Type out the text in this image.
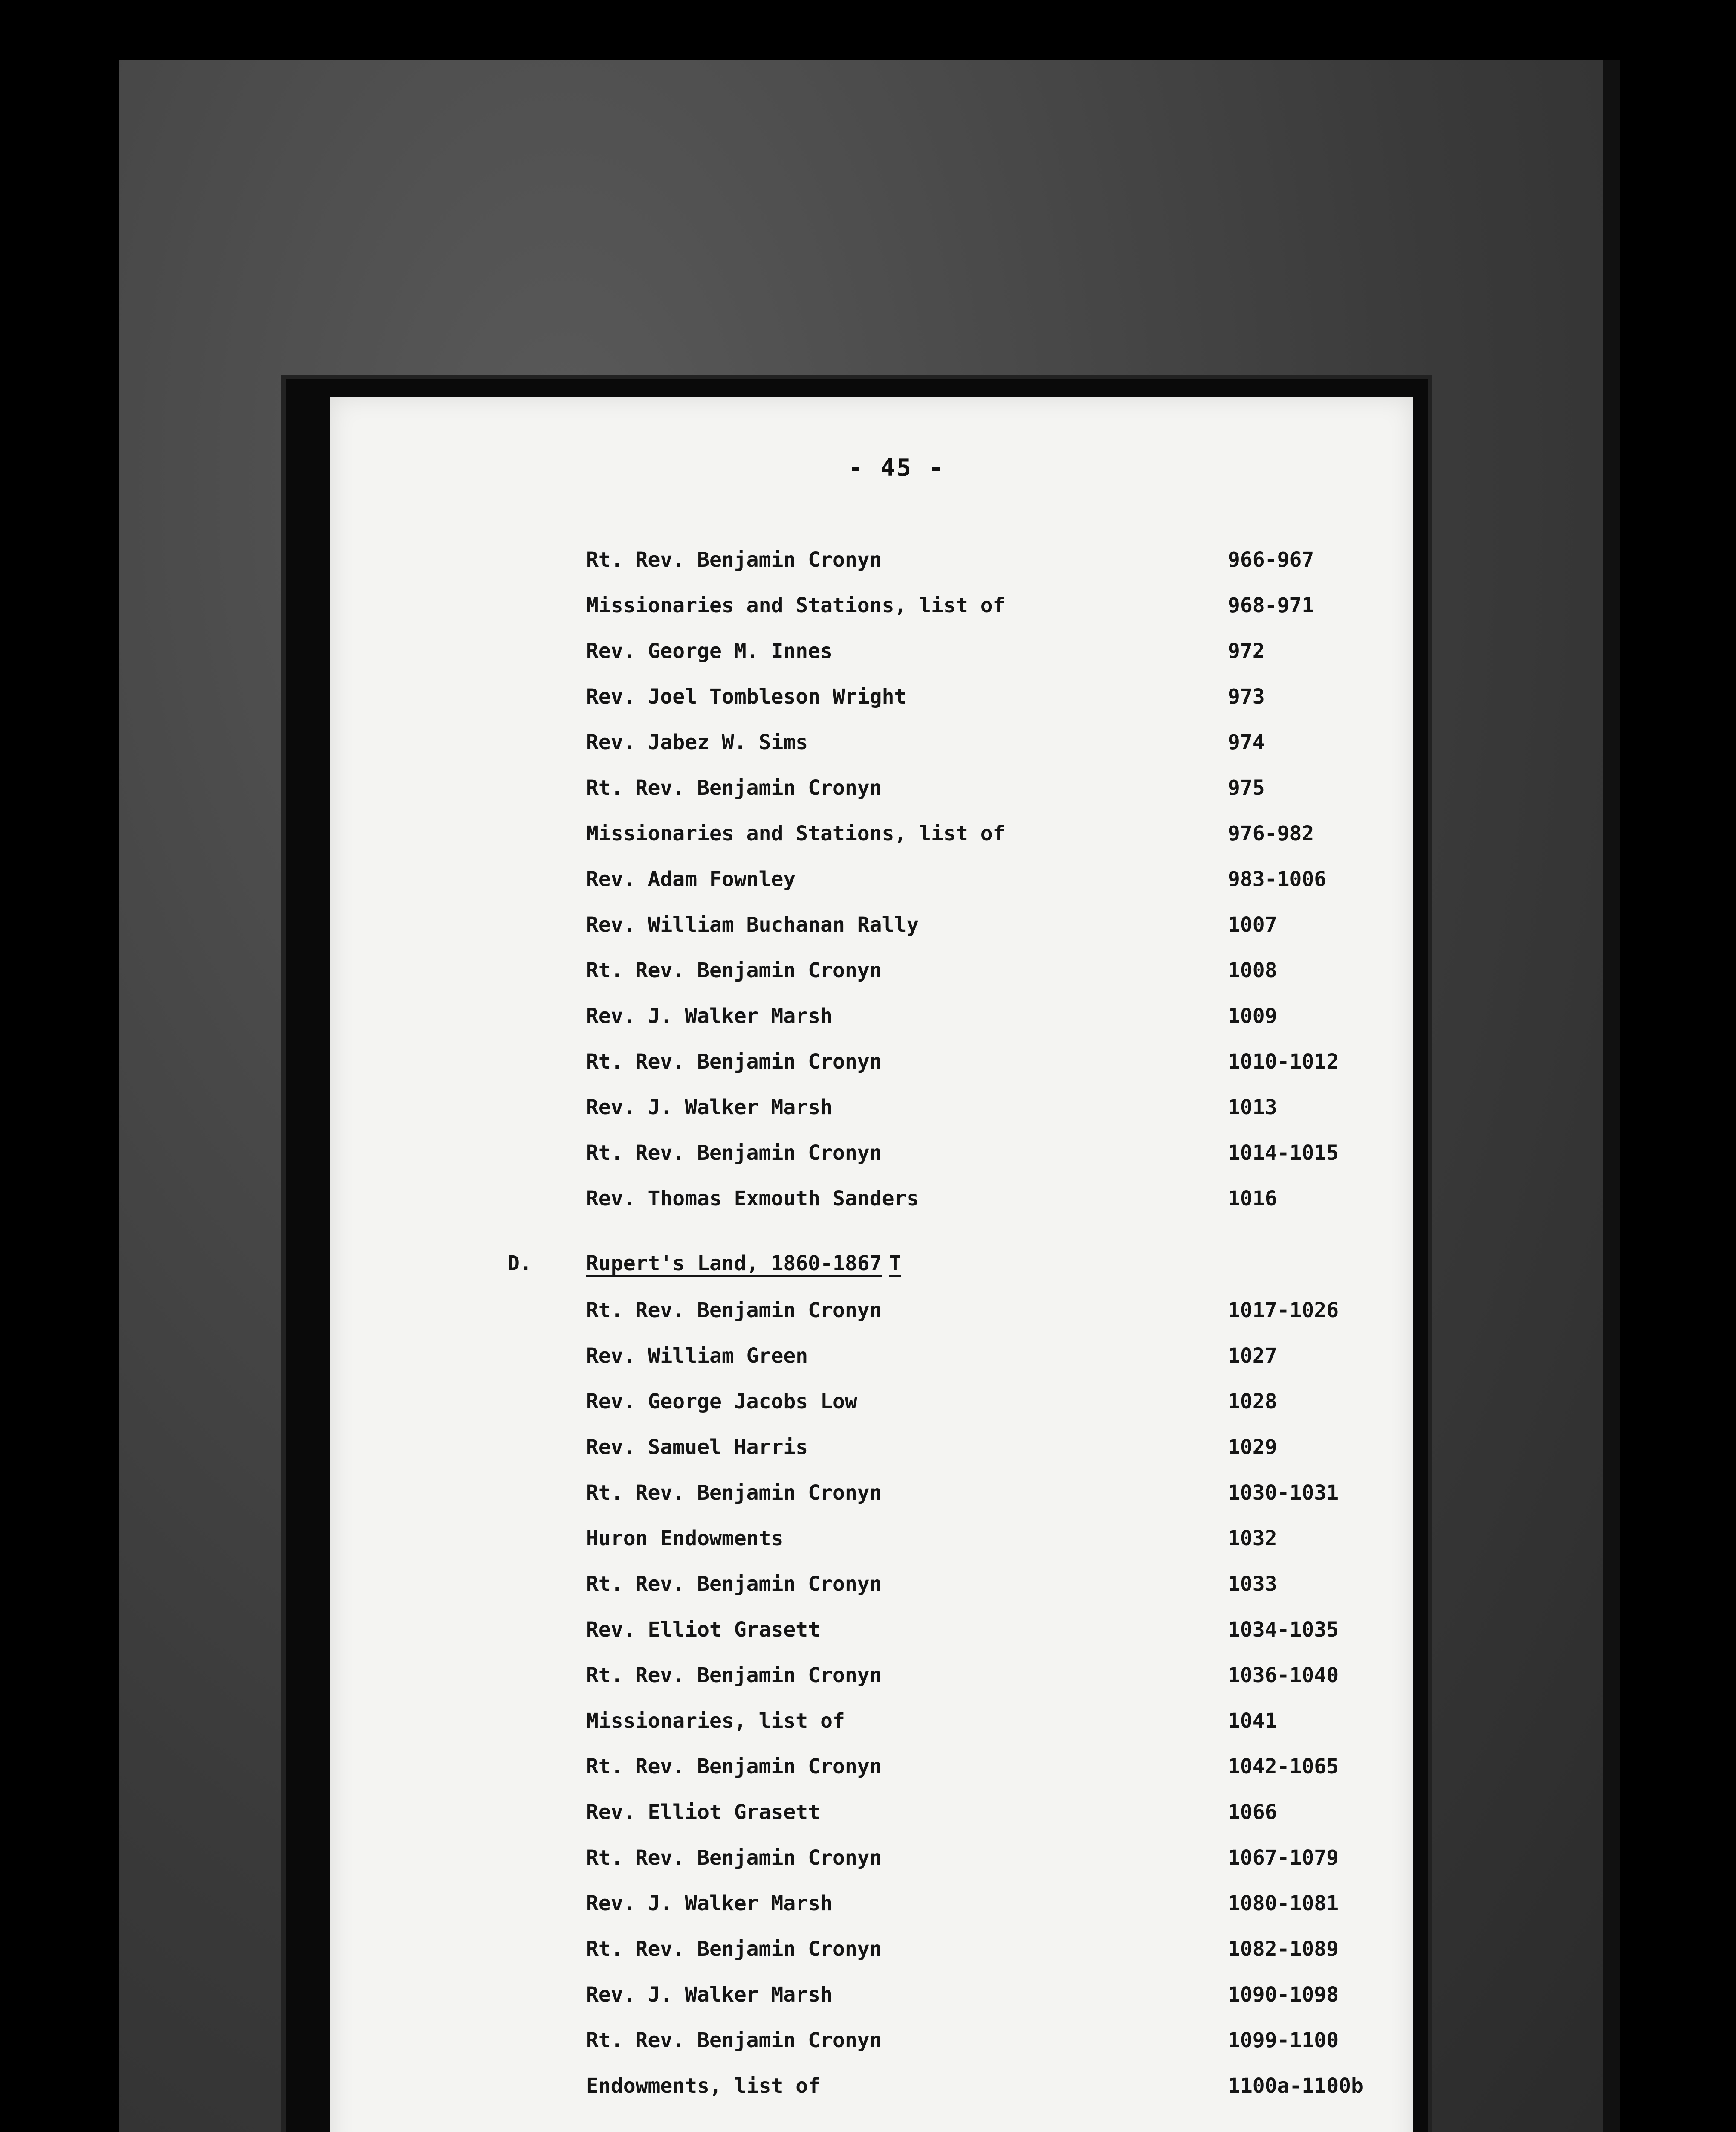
- 45 -
Rt. Rev. Benjamin Cronyn	966-967
Missionaries and Stations, list of	968-971
Rev. George M. Innes	972
Rev. Joel Tombleson Wright	973
Rev. Jabez W. Sims	974
Rt. Rev. Benjamin Cronyn	975
Missionaries and Stations, list of	976-982
Rev. Adam Fownley	983-1006
Rev. William Buchanan Rally	1007
Rt. Rev. Benjamin Cronyn	1008
Rev. J. Walker Marsh	1009
Rt. Rev. Benjamin Cronyn	1010-1012
Rev. J. Walker Marsh	1013
Rt. Rev. Benjamin Cronyn	1014-1015
Rev. Thomas Exmouth Sanders	1016
D.	Rupert's Land, 1860-1867 T
Rt. Rev. Benjamin Cronyn	1017-1026
Rev. William Green	1027
Rev. George Jacobs Low	1028
Rev. Samuel Harris	1029
Rt. Rev. Benjamin Cronyn	1030-1031
Huron Endowments	1032
Rt. Rev. Benjamin Cronyn	1033
Rev. Elliot Grasett	1034-1035
Rt. Rev. Benjamin Cronyn	1036-1040
Missionaries, list of	1041
Rt. Rev. Benjamin Cronyn	1042-1065
Rev. Elliot Grasett	1066
Rt. Rev. Benjamin Cronyn	1067-1079
Rev. J. Walker Marsh	1080-1081
Rt. Rev. Benjamin Cronyn	1082-1089
Rev. J. Walker Marsh	1090-1098
Rt. Rev. Benjamin Cronyn	1099-1100
Endowments, list of	1100a-1100b
